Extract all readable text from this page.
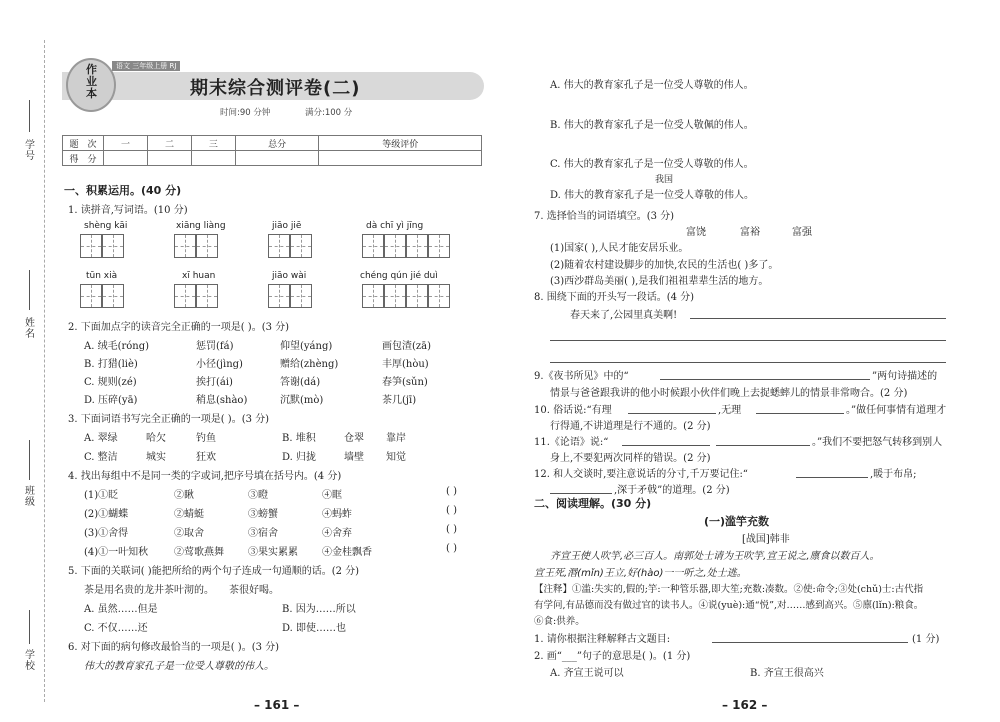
学号
姓名
班级
学校
作业本
语文 三年级上册 RJ
期末综合测评卷(二)
时间:90 分钟	满分:100 分
题　次	一	二	三	总分	等级评价
得　分					
一、积累运用。(40 分)
1. 读拼音,写词语。(10 分)
shèng kāi	xiāng liàng	jiāo jiē	dà chī yì jīng
tūn xià	xī huan	jiāo wài	chéng qún jié duì
2. 下面加点字的读音完全正确的一项是( )。(3 分)
A. 绒毛(róng)	惩罚(fá)	仰望(yáng)	画包渣(zā)
B. 打猎(liè)	小径(jìng)	赠给(zhèng)	丰厚(hòu)
C. 规则(zé)	挨打(ái)	答谢(dá)	春笋(sǔn)
D. 压碎(yā)	稍息(shào)	沉默(mò)	茶几(jī)
3. 下面词语书写完全正确的一项是( )。(3 分)
A. 翠绿	哈欠	钓鱼	B. 堆积	仓翠 靠岸
C. 整洁	城实	狂欢	D. 归拢	墙壁 知觉
4. 找出每组中不是同一类的字或词,把序号填在括号内。(4 分)
(1)①眨	②瞅	③瞪	④眶	( )
(2)①蝴蝶	②蜻蜓	③螃蟹	④蚂蚱	( )
(3)①舍得	②取舍	③宿舍	④舍弃	( )
(4)①一叶知秋	②莺歌燕舞 ③果实累累 ④金桂飘香	( )
5. 下面的关联词( )能把所给的两个句子连成一句通顺的话。(2 分)
茶是用名贵的龙井茶叶沏的。　　茶很好喝。
A. 虽然……但是	B. 因为……所以
C. 不仅……还	D. 即使……也
6. 对下面的病句修改最恰当的一项是( )。(3 分)
伟大的教育家孔子是一位受人尊敬的伟人。
– 161 –
A. 伟大的教育家孔子是一位受人尊敬的伟人。
B. 伟大的教育家孔子是一位受人敬佩的伟人。
C. 伟大的教育家孔子是一位受人尊敬的伟人。
我国
D. 伟大的教育家孔子是一位受人尊敬的伟人。
7. 选择恰当的词语填空。(3 分)
富饶	富裕	富强
(1)国家( ),人民才能安居乐业。
(2)随着农村建设脚步的加快,农民的生活也( )多了。
(3)西沙群岛美丽( ),是我们祖祖辈辈生活的地方。
8. 围绕下面的开头写一段话。(4 分)
春天来了,公园里真美啊!
9.《夜书所见》中的“	”两句诗描述的
情景与爸爸跟我讲的他小时候跟小伙伴们晚上去捉蟋蟀儿的情景非常吻合。(2 分)
10. 俗话说:“有理	,无理	。”做任何事情有道理才
行得通,不讲道理是行不通的。(2 分)
11.《论语》说:“	。”我们不要把怒气转移到别人
身上,不要犯两次同样的错误。(2 分)
12. 和人交谈时,要注意说话的分寸,千万要记住:“	,暖于布帛;
,深于矛戟”的道理。(2 分)
二、阅读理解。(30 分)
(一)滥竽充数
[战国]韩非
齐宣王使人吹竽,必三百人。南郭处士请为王吹竽,宣王说之,廪食以数百人。
宣王死,湣(mǐn)王立,好(hào)一一听之,处士逃。
【注释】①滥:失实的,假的;竽:一种管乐器,即大笙;充数:凑数。②使:命令;③处(chǔ)士:古代指
有学问,有品德而没有做过官的读书人。④说(yuè):通“悦”,对……感到高兴。⑤廪(lǐn):粮食。
⑥食:供养。
1. 请你根据注释解释古文题目:	(1 分)
2. 画“___”句子的意思是( )。(1 分)
A. 齐宣王说可以	B. 齐宣王很高兴
– 162 –
